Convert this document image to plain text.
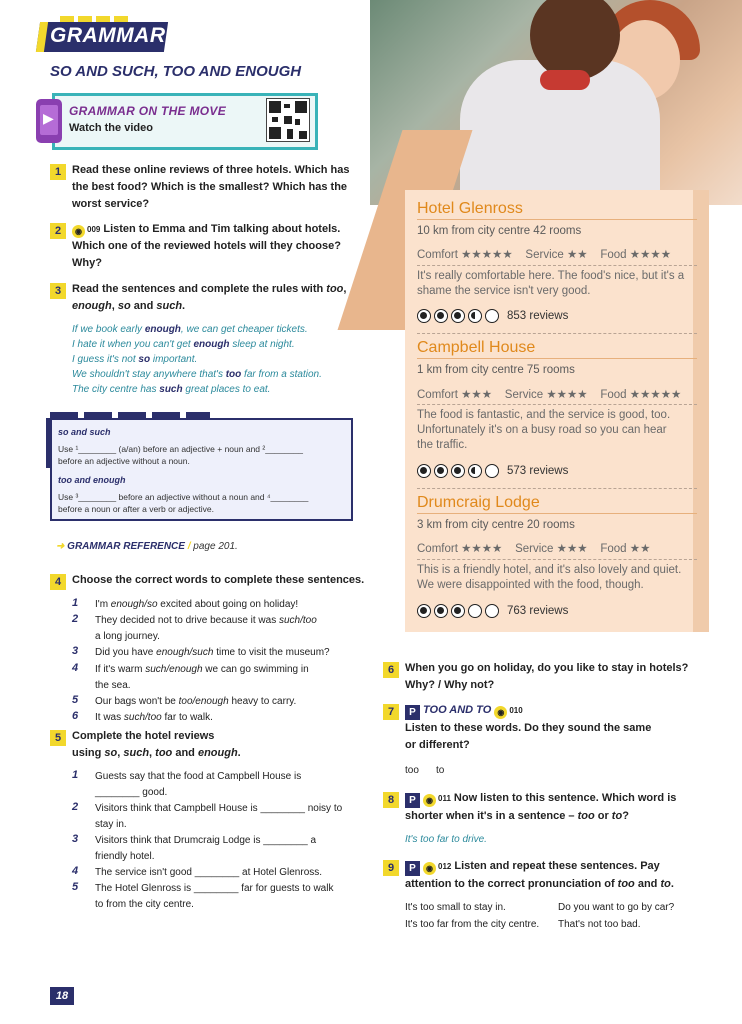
GRAMMAR
SO AND SUCH, TOO AND ENOUGH
▶ GRAMMAR ON THE MOVE
Watch the video
1 Read these online reviews of three hotels. Which has
the best food? Which is the smallest? Which has the
worst service?
2	◉ 009 Listen to Emma and Tim talking about hotels.
Which one of the reviewed hotels will they choose?
Why?
3 Read the sentences and complete the rules with too,
enough, so and such.
If we book early enough, we can get cheaper tickets.
I hate it when you can't get enough sleep at night.
I guess it's not so important.
We shouldn't stay anywhere that's too far from a station.
The city centre has such great places to eat.
so and such
Use ¹________ (a/an) before an adjective + noun and ²________
before an adjective without a noun.
too and enough
Use ³________ before an adjective without a noun and ⁴________
before a noun or after a verb or adjective.
➜ GRAMMAR REFERENCE / page 201.
4 Choose the correct words to complete these sentences.
1 I'm enough/so excited about going on holiday!
2 They decided not to drive because it was such/too
a long journey.
3 Did you have enough/such time to visit the museum?
4 If it's warm such/enough we can go swimming in
the sea.
5 Our bags won't be too/enough heavy to carry.
6 It was such/too far to walk.
5 Complete the hotel reviews
using so, such, too and enough.
1 Guests say that the food at Campbell House is
________ good.
2 Visitors think that Campbell House is ________ noisy to
stay in.
3 Visitors think that Drumcraig Lodge is ________ a
friendly hotel.
4 The service isn't good ________ at Hotel Glenross.
5 The Hotel Glenross is ________ far for guests to walk
to from the city centre.
Hotel Glenross
10 km from city centre 42 rooms
Comfort ★★★★★    Service ★★    Food ★★★★
It's really comfortable here. The food's nice, but it's a
shame the service isn't very good.
853 reviews
Campbell House
1 km from city centre 75 rooms
Comfort ★★★    Service ★★★★    Food ★★★★★
The food is fantastic, and the service is good, too.
Unfortunately it's on a busy road so you can hear
the traffic.
573 reviews
Drumcraig Lodge
3 km from city centre 20 rooms
Comfort ★★★★    Service ★★★    Food ★★
This is a friendly hotel, and it's also lovely and quiet.
We were disappointed with the food, though.
763 reviews
6 When you go on holiday, do you like to stay in hotels?
Why? / Why not?
7	P TOO AND TO ◉ 010
Listen to these words. Do they sound the same
or different?
too to
8	P ◉ 011 Now listen to this sentence. Which word is
shorter when it's in a sentence – too or to?
It's too far to drive.
9	P ◉ 012 Listen and repeat these sentences. Pay
attention to the correct pronunciation of too and to.
It's too small to stay in.	Do you want to go by car?
It's too far from the city centre. That's not too bad.
18
